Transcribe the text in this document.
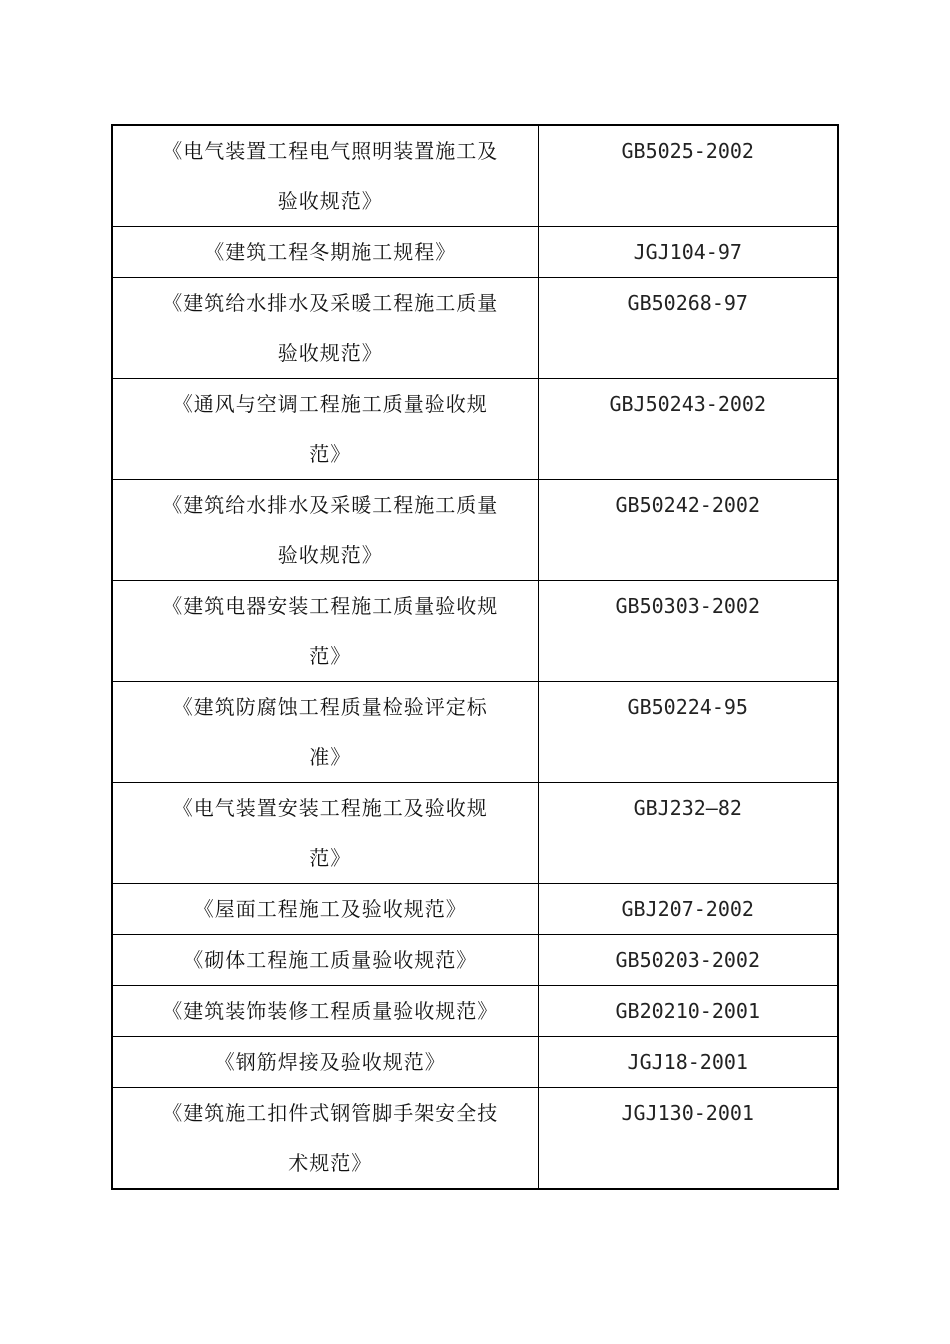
《电气装置工程电气照明装置施工及
验收规范》	GB5025-2002

《建筑工程冬期施工规程》	JGJ104-97

《建筑给水排水及采暖工程施工质量
验收规范》	GB50268-97

《通风与空调工程施工质量验收规
范》	GBJ50243-2002

《建筑给水排水及采暖工程施工质量
验收规范》	GB50242-2002

《建筑电器安装工程施工质量验收规
范》	GB50303-2002

《建筑防腐蚀工程质量检验评定标
准》	GB50224-95

《电气装置安装工程施工及验收规
范》	GBJ232—82

《屋面工程施工及验收规范》	GBJ207-2002

《砌体工程施工质量验收规范》	GB50203-2002

《建筑装饰装修工程质量验收规范》	GB20210-2001

《钢筋焊接及验收规范》	JGJ18-2001

《建筑施工扣件式钢管脚手架安全技
术规范》	JGJ130-2001
